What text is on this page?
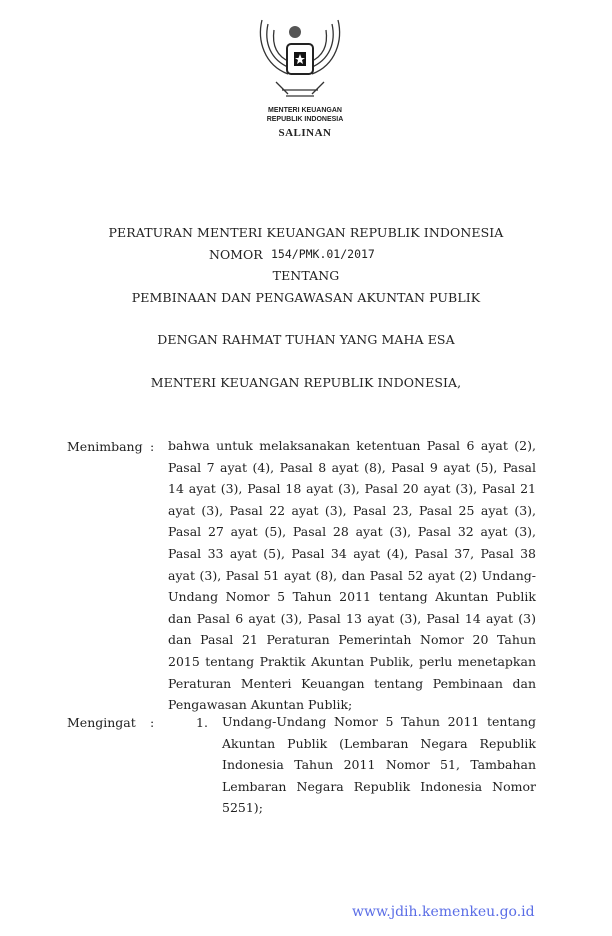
MENTERI KEUANGAN
REPUBLIK INDONESIA
SALINAN
PERATURAN MENTERI KEUANGAN REPUBLIK INDONESIA
NOMOR 154/PMK.01/2017
TENTANG
PEMBINAAN DAN PENGAWASAN AKUNTAN PUBLIK
DENGAN RAHMAT TUHAN YANG MAHA ESA
MENTERI KEUANGAN REPUBLIK INDONESIA,
Menimbang : bahwa untuk melaksanakan ketentuan Pasal 6 ayat (2), Pasal 7 ayat (4), Pasal 8 ayat (8), Pasal 9 ayat (5), Pasal 14 ayat (3), Pasal 18 ayat (3), Pasal 20 ayat (3), Pasal 21 ayat (3), Pasal 22 ayat (3), Pasal 23, Pasal 25 ayat (3), Pasal 27 ayat (5), Pasal 28 ayat (3), Pasal 32 ayat (3), Pasal 33 ayat (5), Pasal 34 ayat (4), Pasal 37, Pasal 38 ayat (3), Pasal 51 ayat (8), dan Pasal 52 ayat (2) Undang-Undang Nomor 5 Tahun 2011 tentang Akuntan Publik dan Pasal 6 ayat (3), Pasal 13 ayat (3), Pasal 14 ayat (3) dan Pasal 21 Peraturan Pemerintah Nomor 20 Tahun 2015 tentang Praktik Akuntan Publik, perlu menetapkan Peraturan Menteri Keuangan tentang Pembinaan dan Pengawasan Akuntan Publik;
Mengingat :	1. Undang-Undang Nomor 5 Tahun 2011 tentang Akuntan Publik (Lembaran Negara Republik Indonesia Tahun 2011 Nomor 51, Tambahan Lembaran Negara Republik Indonesia Nomor 5251);
www.jdih.kemenkeu.go.id
